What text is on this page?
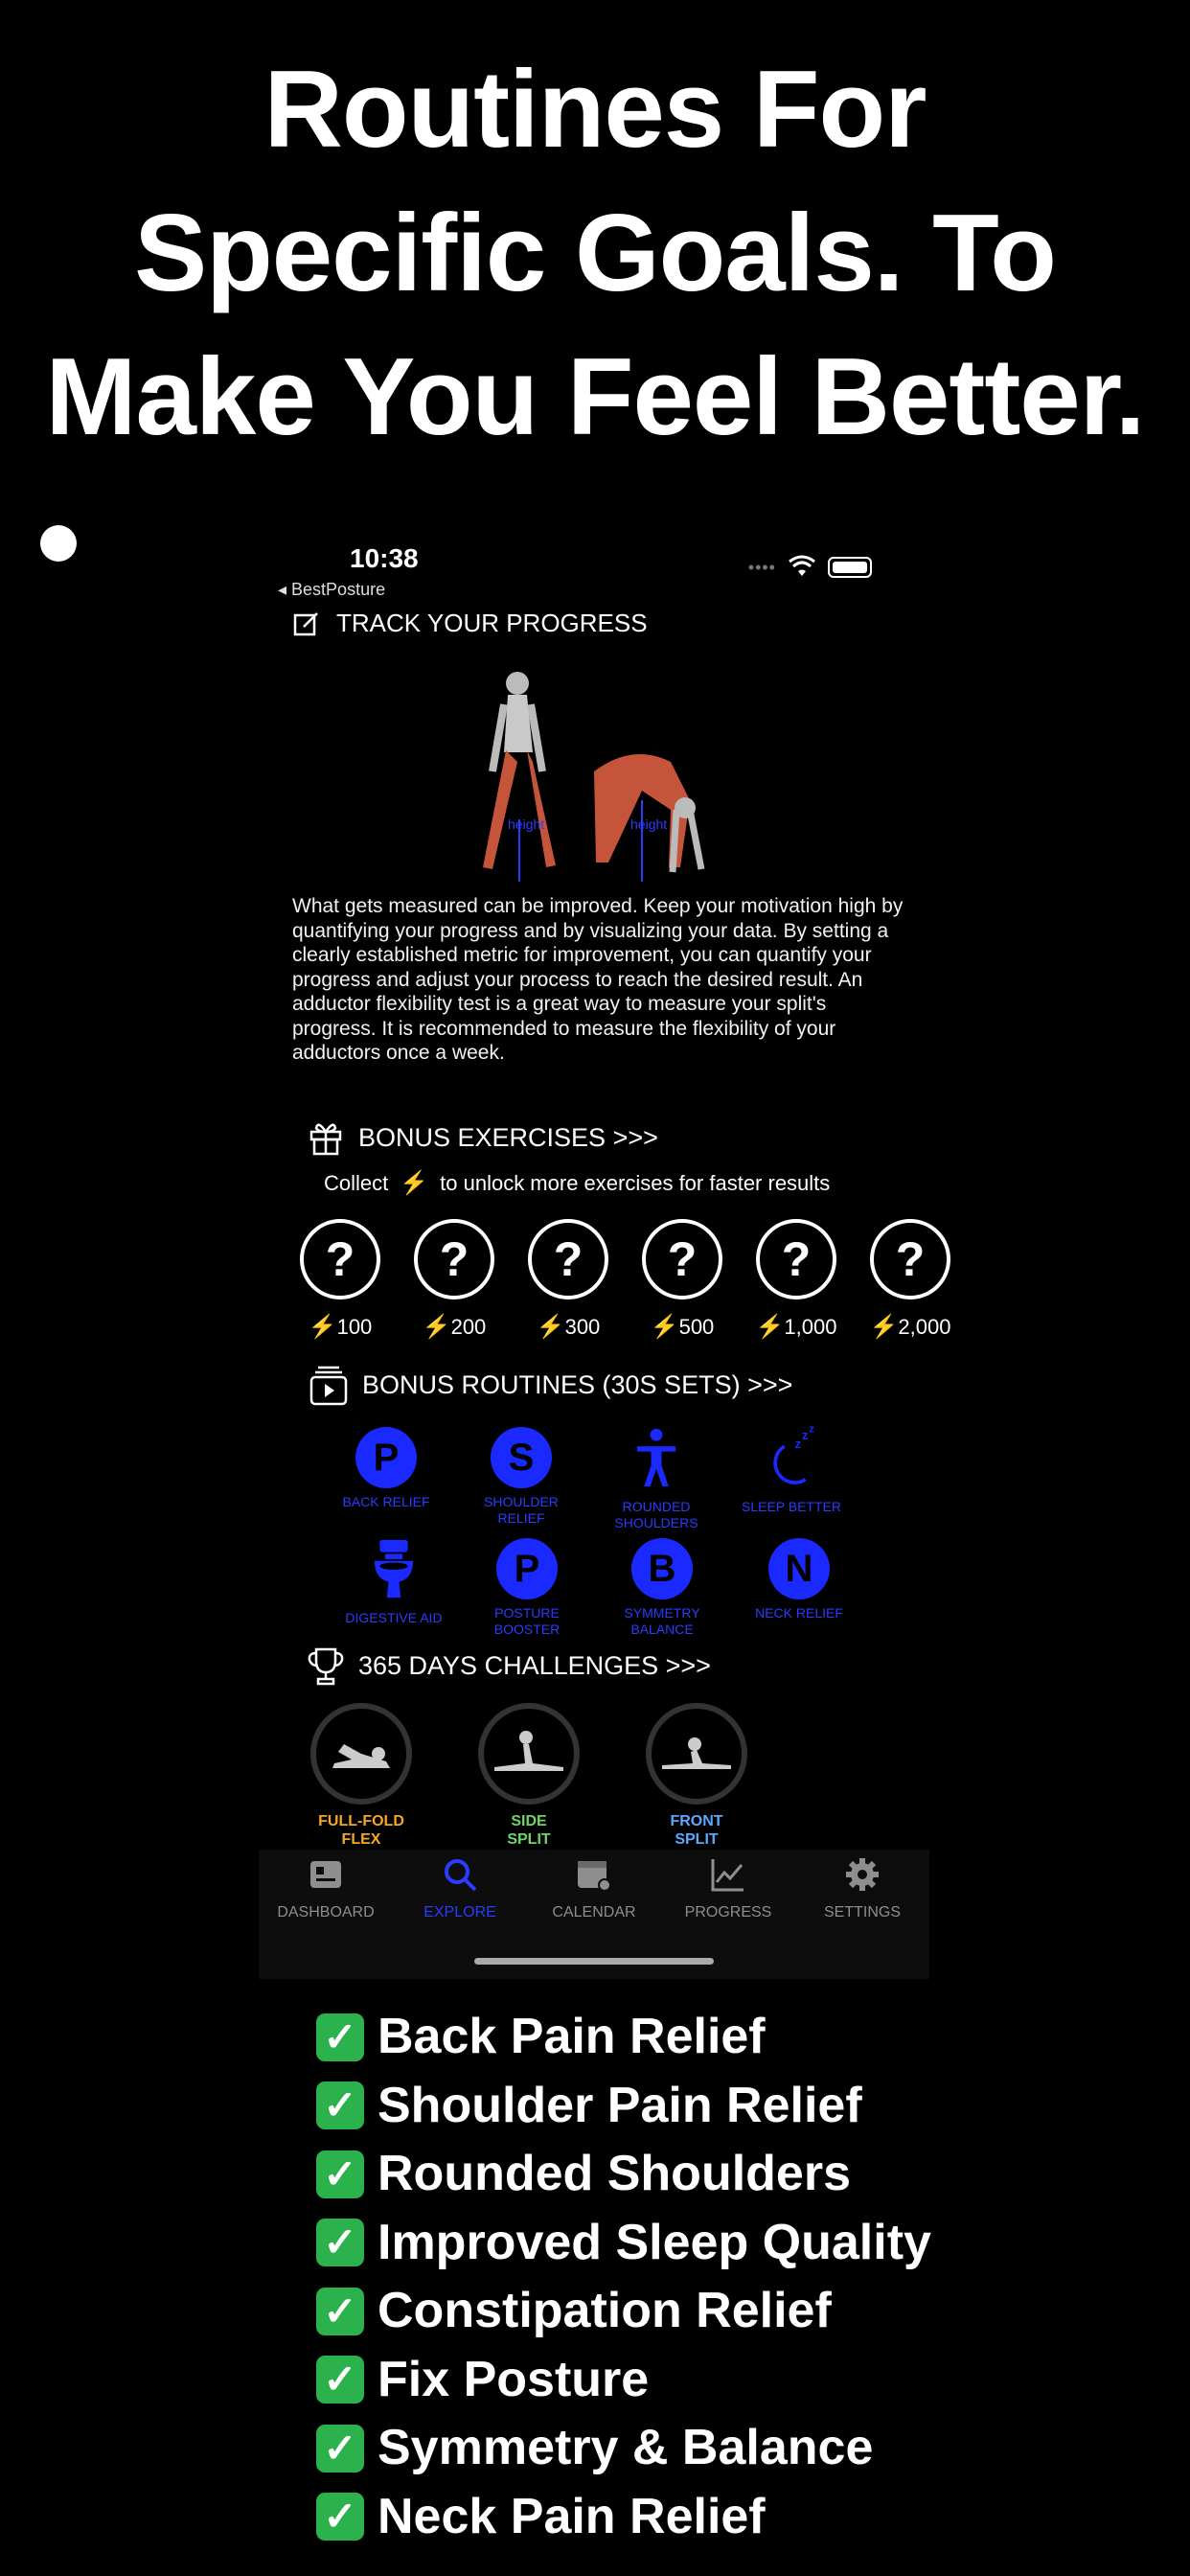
Routines For
Specific Goals. To
Make You Feel Better.
10:38
◂ BestPosture
••••
TRACK YOUR PROGRESS
height	height
What gets measured can be improved. Keep your motivation high by quantifying your progress and by visualizing your data. By setting a clearly established metric for improvement, you can quantify your progress and adjust your process to reach the desired result. An adductor flexibility test is a great way to measure your split's progress. It is recommended to measure the flexibility of your adductors once a week.
BONUS EXERCISES >>>
Collect ⚡ to unlock more exercises for faster results
?
⚡100
?
⚡200
?
⚡300
?
⚡500
?
⚡1,000
?
⚡2,000
BONUS ROUTINES (30S SETS) >>>
P
BACK RELIEF
S
SHOULDER RELIEF
ROUNDED SHOULDERS
z
z z
SLEEP BETTER
DIGESTIVE AID
P
POSTURE BOOSTER
B
SYMMETRY BALANCE
N
NECK RELIEF
365 DAYS CHALLENGES >>>
FULL-FOLD
FLEX
SIDE
SPLIT
FRONT
SPLIT
DASHBOARD	EXPLORE	CALENDAR	PROGRESS	SETTINGS
✓ Back Pain Relief
✓ Shoulder Pain Relief
✓ Rounded Shoulders
✓ Improved Sleep Quality
✓ Constipation Relief
✓ Fix Posture
✓ Symmetry & Balance
✓ Neck Pain Relief
